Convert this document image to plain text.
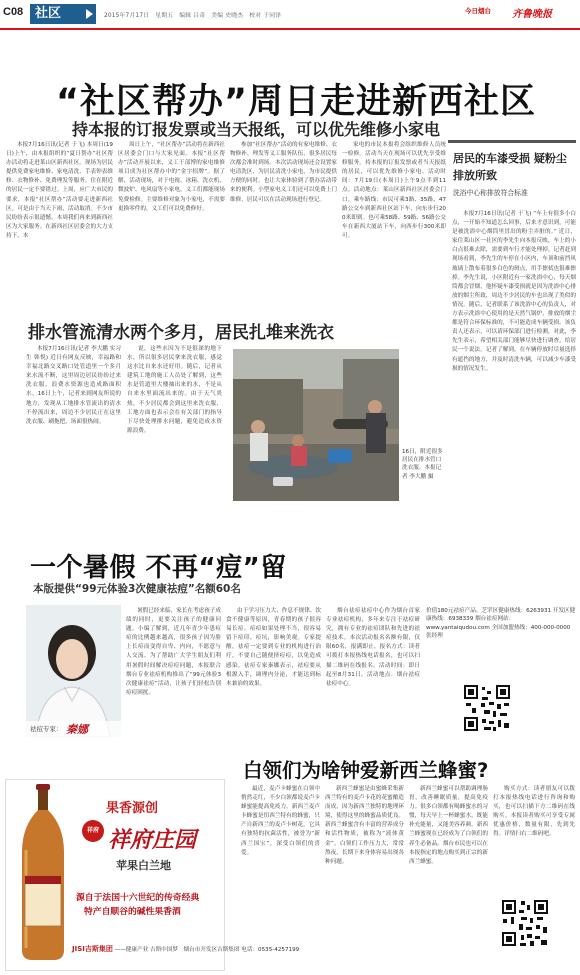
C08 社区	2015年7月17日　星期五　编辑 吕奇　美编 史晓杰　校对 于同泽
今日烟台 齐鲁晚报
“社区帮办”周日走进新西社区
持本报的订报发票或当天报纸，可以优先维修小家电

本报7月16日讯(记者 于飞) 本周日(19日)上午，由本报组织的“夏日帮办”社区帮办活动将走进莱山区新西社区。现场为居民提供免费家电维修、家电清洗、手表钟表维修、衣物修补、免费理发等服务。住在附近的居民一定不要错过。上周，应广大市民的要求，本报“社区帮办”活动要走进新西社区。可是由于当天下雨，活动取消。不少市民纷纷表示很遗憾。本周我们再来到新西社区为大家服务。在新西社区居委会的大力支持下，本

周日上午，“社区帮办”活动将在新西社区居委会门口与大家见面。本报“社区帮办”活动开展以来，义工干部博的家电维修项目成为社区帮办中的“金字招牌”。据了解，活动现场，对于电视、冰箱、洗衣机、微波炉、电风扇等小家电，义工们都能现场免费检修。主要维修对象为小家电，不需要更换零件的，义工们可以免费修好。

参加“社区帮办”活动的有家电维修、衣物修补、理发等义工服务队伍，很多居民每次都会准时到场。本次活动现场还会设置家电清洗区，为居民清洗小家电，为市民提供方便的同时，也让大家体验到了帮办活动带来的便利。小型家电义工们还可以免费上门维修，居民可以在活动现场进行登记。

家电的市民本报将会组织维修人员统一检修。活动当天在现场可以优先享受维修服务。持本报的订报发票或者当天报纸的居民，可以优先维修小家电。活动时间：7月19日(本周日)上午9点半到11点。活动地点：莱山区新西社区居委会门口。乘车路线：市民可乘3路、35路、47路公交车到新西社区站下车，向东步行200米即到。也可乘58路、59路、56路公交车在新西大厦站下车，向西步行300米即可。

居民的车漆受损 疑粉尘排放所致
洗浴中心称排放符合标准

本报7月16日讯(记者 于飞) “车上有很多小白点，一开始不知道怎么回事，后来才意识到，可能是被洗浴中心烟筒里冒出的粉尘弄脏的。” 近日，家住莱山区一社区的李先生向本报反映，车上的小白点很难去除，需要到车行才能处理掉。记者赶到现场看到，李先生的车停在小区内，车顶和前挡风玻璃上散布着很多白色的斑点，用手擦拭也很难擦掉。李先生说，小区附近有一家洗浴中心，每天烟筒都会冒烟，他怀疑车漆受损就是因为洗浴中心排放的烟尘所致，周边不少居民的车也出现了类似的情况。随后，记者联系了该洗浴中心的负责人，对方表示洗浴中心使用的是天然气锅炉，排放的烟尘都是符合环保标准的，不可能造成车辆受损。该负责人还表示，可以请环保部门进行检测。对此，李先生表示，希望相关部门能够尽快进行调查，给居民一个说法。记者了解到，在车辆停放时尽量选择有遮挡的地方，并及时清洗车辆，可以减少车漆受损的情况发生。

排水管流清水两个多月，居民扎堆来洗衣

本报7月16日讯(记者 李大鹏 实习生 韩悦) 近日有网友反映，幸福路和幸福北路交叉路口处管道里一个多月来水流不断，这里周边居民纷纷过来洗衣服，浪费水资源也造成路面积水。16日上午，记者来到网友所说的地方，发现从工地排水管流出的清水不停流出来，周边不少居民正在这里洗衣服、刷拖把，场面很热闹。

说，这些水因为不是很深的地下水，所以很多居民拿来洗衣服，感觉这水比自来水还好用。随后，记者从建筑工地的施工人员处了解到，这些水是管道里大楼抽出来的水，不是从自来水里面流出来的。由于天气炎热，不少居民都会到这里来洗衣服，工地方面也表示会在有关部门的指导下尽快处理排水问题，避免造成水资源浪费。

16日，附近很多居民在排水管口洗衣服。本报记者 李大鹏 摄
一个暑假 不再“痘”留
本版提供“99元体验3次健康祛痘”名额60名
祛痘专家： 秦娜

暑假已经来临，家长在考虑孩子成绩的同时，更要关注孩子的健康问题。小编了解到，近几年青少年患痘痘的比例越来越高，很多孩子因为脸上长痘而变得自卑、内向，不愿意与人交流。为了帮助广大学生朋友们利用暑假时间解决痘痘问题，本报联合烟台专业祛痘机构推出了“99元体验3次健康祛痘”活动，让孩子们轻松告别痘痘困扰。

由于学习压力大、作息不规律、饮食不健康等原因，青春期的孩子很容易长痘。痘痘如果处理不当，很容易留下痘印、痘坑，影响美观。专家提醒，祛痘一定要到专业的机构进行治疗，不要自己随便挤痘痘，以免造成感染。祛痘专家秦娜表示，祛痘要从根源入手，调理内分泌，才能达到标本兼治的效果。

烟台祛痘祛痘中心作为烟台首家专业祛痘机构，多年来专注于祛痘研究，拥有专业的祛痘团队和先进的祛痘技术。本次活动报名名额有限，仅限60名，报满即止。报名方式：读者可拨打本报热线电话报名，也可以扫描二维码在线报名。活动时间：即日起至8月31日。活动地点：烟台祛痘祛痘中心。

价值180元祛痘产品。芝罘区健康热线：6263931 开发区健康热线：6938339 烟台祛痘网站：www.yantaiqudou.com 全国加盟热线：400-000-0000 张经理
果香源创
祥府 祥府庄园
苹果白兰地
源自于法国十六世纪的传奇经典
特产自顺谷的碱性果香酒
JISI吉斯集团 ——健康产业 吉斯中国梦　烟台市开发区吉斯集团 电话：0535-4257199
白领们为啥钟爱新西兰蜂蜜?

最近，麦卢卡蜂蜜在白领中悄然走红，不少白领都说麦卢卡蜂蜜能提高免疫力。新西兰麦卢卡蜂蜜是纽西兰特有的蜂蜜，只产自新西兰的麦卢卡树花。它具有独特的抗菌活性，被誉为“新西兰国宝”，深受白领们的喜爱。

新西兰蜂蜜是由蜜蜂采集新西兰特有的麦卢卡花的花蜜酿造而成，因为新西兰独特的地理环境，使得这里的蜂蜜品质优良。新西兰蜂蜜含有丰富的营养成分和活性物质，被称为“液体黄金”。白领们工作压力大，常常熬夜，长期下来身体容易出现各种问题。

新西兰蜂蜜可以帮助调理肠胃，改善睡眠质量，提高免疫力。很多白领都有喝蜂蜜水的习惯，每天早上一杯蜂蜜水，既能补充能量，又能美容养颜。新西兰蜂蜜现在已经成为了白领们的养生必备品。烟台市民也可以在本报指定的地点购买到正宗的新西兰蜂蜜。

购买方式：读者朋友可以拨打本报热线电话进行咨询和购买，也可以扫描下方二维码在线购买。本报读者购买可享受专属优惠价格，数量有限，先到先得。详情扫右二维码吧。
